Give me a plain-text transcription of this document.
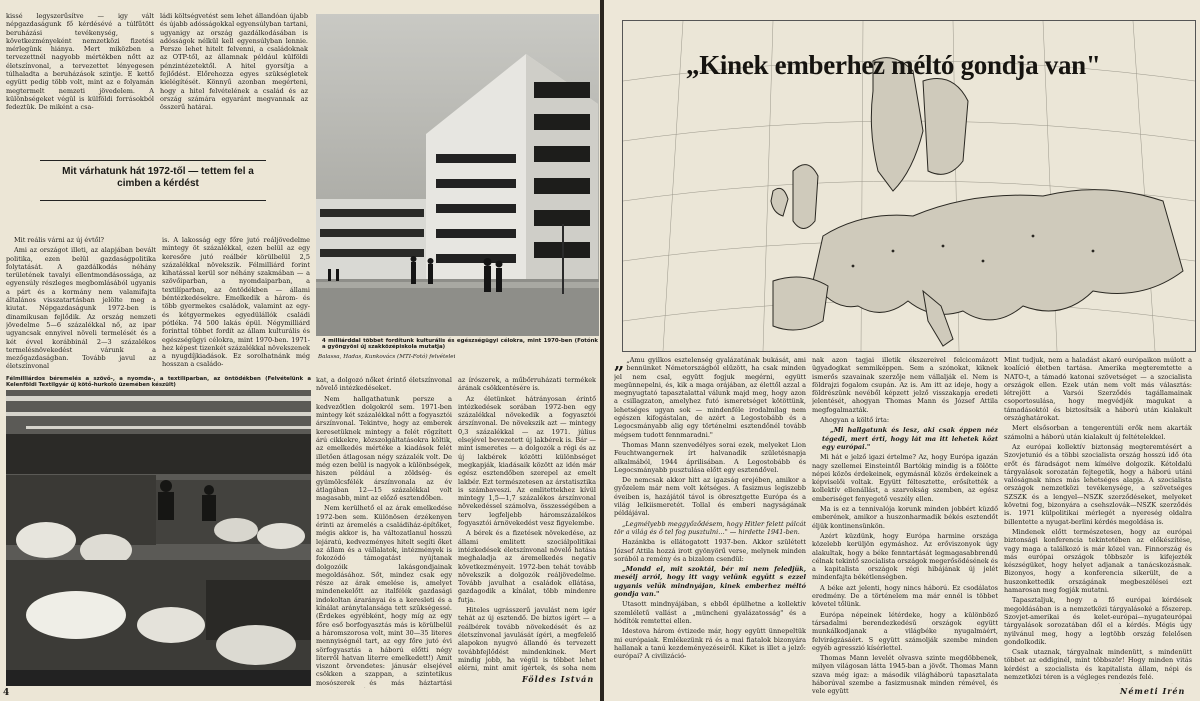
kissé legyszerűsítve — igy vált népgazdaságunk fő kérdésévé a túlfűtött beruházási tevékenység, s következményeként nemzetközi fizetési mérlegünk hiánya. Mert miközben a tervezettnél nagyobb mértékben nőtt az életszínvonal, a tervezettet lényegesen túlhaladta a beruházások szintje. E kettő együtt pedig több volt, mint az e folyamán megtermelt nemzeti jövedelem. A különbségeket végül is külföldi forrásokból fedeztük. De miként a csa-

ládi költségvetést sem lehet állandóan újabb és újabb adósságokkal egyensúlyban tartani, ugyanigy az ország gazdálkodásában is adósságok nélkül kell egyensúlyban lennie. Persze lehet hitelt felvenni, a családoknak az OTP-től, az államnak például külföldi pénzintézetektől. A hitel gyorsítja a fejlődést. Előrehozza egyes szükségletek kielégítését. Könnyű azonban megérteni, hogy a hitel felvételének a család és az ország számára egyaránt megvannak az összerű határai.

Mit várhatunk hát 1972-től — tettem fel a cimben a kérdést

Mit reális várni az új évtől?

Ami az országot illeti, az alapjában bevált politika, ezen belül gazdaságpolitika folytatását. A gazdálkodás néhány területének tavalyi ellentmondásossága, az egyensúly részleges megbomlásából ugyanis a párt és a kormány nem valamifajta általános visszatartásban jelölte meg a kiutat. Népgazdaságunk 1972-ben is dinamikusan fejlődik. Az ország nemzeti jövedelme 5—6 százalékkal nő, az ipar ugyancsak ennyivel növeli termelését és a két évvel korábbinál 2—3 százalékos termelésnövekedést várunk a mezőgazdaságban. Tovább javul az életszínvonal

is. A lakosság egy főre jutó reáljövedelme mintegy öt százalékkal, ezen belül az egy keresőre jutó reálbér körülbelül 2,5 százalékkal növekszik. Félmilliárd forint kihatással kerül sor néhány szakmában — a szövőiparban, a nyomdaiparban, a textilíparban, az öntödékben — állami béntézkedésekre. Emelkedik a három- és több gyermekes családok, valamint az egy- és kétgyermekes egyedülállók családi pótléka. 74 500 lakás épül. Négymilliárd forinttal többet fordít az állam kulturális és egészségügyi célokra, mint 1970-ben. 1971-hez képest tizenkét százalékkal növekszenek a nyugdíjkiadások. Ez sorolhatnánk még hosszan a családo-

4 milliárddal többet fordítunk kulturális és egészségügyi célokra, mint 1970-ben (Fotónk a gyöngyösi új szakközépiskola mutatja)
Balassa, Hadas, Kunkovács (MTI-Fotó) felvételei
Félmilliárdos béremelés a szövő-, a nyomda-, a textiliparban, az öntödékben (Felvételünk a Kelenföldi Textilgyár új kötő-hurkoló üzemében készült)

kat, a dolgozó nőket érintő életszínvonal növelő intézkedéseket.

Nem hallgathatunk persze a kedvezőtlen dolgokról sem. 1971-ben mintegy két százalékkal nőtt a fogyasztói árszínvonal. Tekintve, hogy az emberek keresetüknek mintegy a felét rögzített árú cikkekre, közszolgáltatásokra költik, az emelkedés mértéke a kiadások felét illetően átlagosan négy százalék volt. De még ezen belül is nagyok a különbségek, hiszen például a zöldség- és gyümölcsfélék árszínvonala az év átlagában 12—15 százalékkal volt magasabb, mint az előző esztendőben.

Nem kerülhető el az árak emelkedése 1972-ben sem. Különösen érzékenyen érinti az áremelés a családiház-építőket, mégis akkor is, ha változatlanul hosszú lejáratú, kedvezményes hitelt segíti őket az állam és a vállalatok, intézmények is fokozódó támogatást nyújtanak dolgozóik lakásgondjainak megoldásához. Sőt, mindez csak egy része az árak emelése is, amelyet mindenekelőtt az italfélék gazdasági indokoltan árarányai és a keresleti és a kínálat aránytalansága tett szükségessé. (Érdekes egyébként, hogy míg az egy főre eső borfogyasztás más is körülbelül a háromszorosa volt, mint 30—35 literes mennyiségnél tart, az egy főre jutó évi sörfogyasztás a háború előtti négy literről hatvan literre emelkedett!) Amit viszont örvendetes: jánusár elsejével csökken a szappan, a szintetikus mosószerek és más háztartási

az írószerek, a műbőrruházati termékek árának csökkentésére is.

Az életünket hátrányosan érintő intézkedések sorában 1972-ben egy százalékkal növekedik a fogyasztói árszínvonal. De növekszik azt — mintegy 0,3 százalékkal — az 1971. július elsejével bevezetett új lakbérek is. Bár — mint ismeretes — a dolgozók a régi és az új lakbérek közötti különbséget megkapják, kiadásaik között az idén már egész esztendőben szerepel az emelt lakbér. Ezt természetesen az árstatisztika is számbaveszi. Az emlitettekhez kívül mintegy 1,5—1,7 százalékos árszínvonal növekedéssel számolva, összességében a terv legfeljebb háromszázalékos fogyasztói árnövekedést vesz figyelembe.

A bérek és a fizetések növekedése, az állami emlitett szociálpolitikai intézkedések életszínvonal növelő hatása meghaladja az áremelkedés negatív következményeit. 1972-ben tehát tovább növekszik a dolgozók reáljövedelme. Tovább javulhat a családok ellátása, gazdagodik a kínálat, több mindenre futja.

Hiteles ugrásszerű javulást nem igér tehát az új esztendő. De biztos igért — a reálbérek tovább növekedését és az életszínvonal javulását ígéri, a megfelelő alapokon nyugvó állandó és tervezett továbbfejlődést mindenkinek. Mert mindig jobb, ha végül is többet lehet elérni, mint amit ígértek, és soha nem

Földes István
4
„Kinek emberhez méltó gondja van"

„ „Amu gyilkos esztelenség gyalázatának bukását, ami bennünket Németországból elűzött, ha csak minden jel nem csal, együtt fogjuk megérni, együtt megünnepelni, és, kik a maga orájában, az élettől azzal a megnyugtató tapasztalattal válunk majd meg, hogy azon a csillagzaton, amelyhez futó ismeretséget kötöttünk, lehetséges ugyan sok — mindenféle irodalmilag nem egészen kifogástalan, de azért a Legostobább és a Legocsmányabb alig egy történelmi esztendőnél tovább mégsem tudott fennmaradni."

Thomas Mann szenvedélyes sorai ezek, melyeket Lion Feuchtwangernek írt halvanadik születésnapja alkalmából, 1944 áprilisában. A Legostobább és Legocsmányabb pusztulása előtt egy esztendővel.

De nemcsak akkor hitt az igazság erejében, amikor a győzelem már nem volt kétséges. A fasizmus legiszebb éveiben is, hazájától távol is óbresztgette Európa és a világ lelkiismeretét. Tollal és emberi nagyságának példájával.

„Legmélyebb meggyőződésem, hogy Hitler felett pálcát tör a világ és ő tel fog pusztulni…" — hirdette 1941-ben.

Hazánkba is ellátogatott 1937-ben. Akkor szülétett József Attila hozzá irott gyönyörű verse, melynek minden sorából a remény és a bizalom csendül:

„Mondd el, mit szoktál, bér mi nem feledjük, mesélj arról, hogy itt vagy velünk együtt s ezzel ugyanis velük mindnyájan, kinek emberhez méltó gondja van."

Utasott mindnyájában, s ebből épülhetne a kollektív szemléletű vallást a „müncheni gyalázatosság" és a hódítók remtettei ellen.

Idestova három évtizede már, hogy együtt ünnepeltük mi európaiak. Emlékezünk rá és a mai fiatalok bizonyára hallanak a tanú kezdeményezéseiről. Kiket is illet a jelző: európai? A civilizáció-

nak azon tagjai illetik ékszereivel felcicomázott ügyadogkat semmiképpen. Sem a szónokat, kiknek ismerős szavainak szerzője nem vállalják el. Nem is földrajzi fogalom csupán. Az is. Am itt az ideje, hogy a földrészünk nevéből képzett jelző visszakapja eredeti jelentését, ahogyan Thomas Mann és József Attila megfogalmazták.

Ahogyan a költő írta:

„Mi hallgatunk és lesz, aki csak éppen néz tégedi, mert érti, hogy lát ma itt lehetek közt egy európai."

Mi hát e jelző igazi értelme? Az, hogy Európa igazán nagy szellemei Einsteintől Bartókig mindig is a fölötte népei közös érdekeinek, egymásnál közös érdekeinek a képviselői voltak. Együtt féltesztette, erősítették a kollektív ellenállást, a szarvokság szemben, az egész emberiséget fenyegető veszély ellen.

Ma is ez a tennivalója korunk minden jobbért küzdő emberének, amikor a huszonharmadik békés esztendőt éljük kontinensünkön.

Azért küzdünk, hogy Európa harmine országa közelebb kerüljön egymáshoz. Az erőviszonyok úgy alakultak, hogy a béke fenntartását legmagasabbrendű célnak tekintő szocialista országok megerősödésének és a kapitalista országok régi hibájának új jelét mindenfajta békétlenségben.

A béke azt jelenti, hogy nincs háború. Ez csodálatos eredmény. De a történelem ma már ennél is többet követel tőlünk.

Európa népeinek létérdeke, hogy a különböző társadalmi berendezkedésű országok együtt munkálkodjanak a világbéke nyugalmáért, felvirágzásáért. S együtt számolják szembe minden egyéb agresszió kísérlettel.

Thomas Mann levelét olvasva szinte megdöbbenek, milyen világosan látta 1945-ban a jövőt. Thomas Mann szava még igaz: a második világháború tapasztalata háborúval szembe a fasizmusnak minden rémével, és vele együtt

Mint tudjuk, nem a haladást akaró európaikon múlott a koalíció életben tartása. Amerika megteremtette a NATO-t, a támadó katonai szövetséget — a szocialista országok ellen. Ezek után nem volt más választás: létrejött a Varsói Szerződés tagállamainak csoportosulása, hogy megvédjék magukat a támadásoktól és biztosítsák a háború után kialakult országhatárokat.

Mert elsősorban a tengerentúli erők nem akarták számolni a háború után kialakult új feltételekkel.

Az európai kollektív biztonság megteremtésért a Szovjetunió és a többi szocialista ország hosszú idő óta erőt és fáradságot nem kímélve dolgozik. Kétoldalú tárgyalások sorozatán fejtegetik, hogy a háború utáni valóságnak nincs más lehetséges alapja. A szocialista országok nemzetközi tevékenysége, a szövetséges SZSZK és a lengyel—NSZK szerződéseket, melyeket követni fog, bizonyára a csehszlovák—NSZK szerződés is. 1971 külpolitikai mérlegét a nyereség oldalra billentette a nyugat-berlini kérdés megoldása is.

Mindenek előtt természetesen, hogy az európai biztonsági konferencia tekintetében az előkészítése, vagy maga a találkozó is már közel van. Finnország és más európai országok többször is kifejezték készségüket, hogy helyet adjanak a tanácskozásnak. Bizonyos, hogy a konferencia sikerült, de a huszonkettedik országának megbeszélései ezt hamarosan meg fogják mutatni.

Tapasztaljuk, hogy a fő európai kérdések megoldásában is a nemzetközi tárgyalásoké a főszerep. Szovjet-amerikai és kelet-európai—nyugateurópai tárgyalások sorozatában dől el a kérdés. Mégis úgy nyilvánul meg, hogy a legtöbb ország felelősen gondolkodik.

Csak utaznak, tárgyalnak mindenütt, s mindenütt többet az eddiginél, mint többször! Hogy minden vitás kérdést a szocialista és kapitalista állam, népi és nemzetközi téren is a végleges rendezés felé.

Németi Irén
